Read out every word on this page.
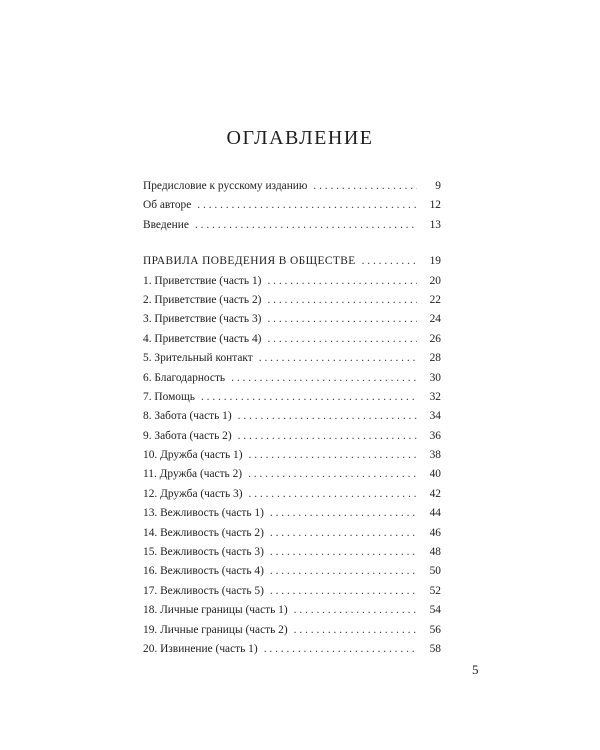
ОГЛАВЛЕНИЕ
Предисловие к русскому изданию . . .	9
Об авторе . . .	12
Введение . . .	13
ПРАВИЛА ПОВЕДЕНИЯ В ОБЩЕСТВЕ . . .	19
1. Приветствие (часть 1) . . .	20
2. Приветствие (часть 2) . . .	22
3. Приветствие (часть 3) . . .	24
4. Приветствие (часть 4) . . .	26
5. Зрительный контакт . . .	28
6. Благодарность . . .	30
7. Помощь . . .	32
8. Забота (часть 1) . . .	34
9. Забота (часть 2) . . .	36
10. Дружба (часть 1) . . .	38
11. Дружба (часть 2) . . .	40
12. Дружба (часть 3) . . .	42
13. Вежливость (часть 1) . . .	44
14. Вежливость (часть 2) . . .	46
15. Вежливость (часть 3) . . .	48
16. Вежливость (часть 4) . . .	50
17. Вежливость (часть 5) . . .	52
18. Личные границы (часть 1) . . .	54
19. Личные границы (часть 2) . . .	56
20. Извинение (часть 1) . . .	58
5
